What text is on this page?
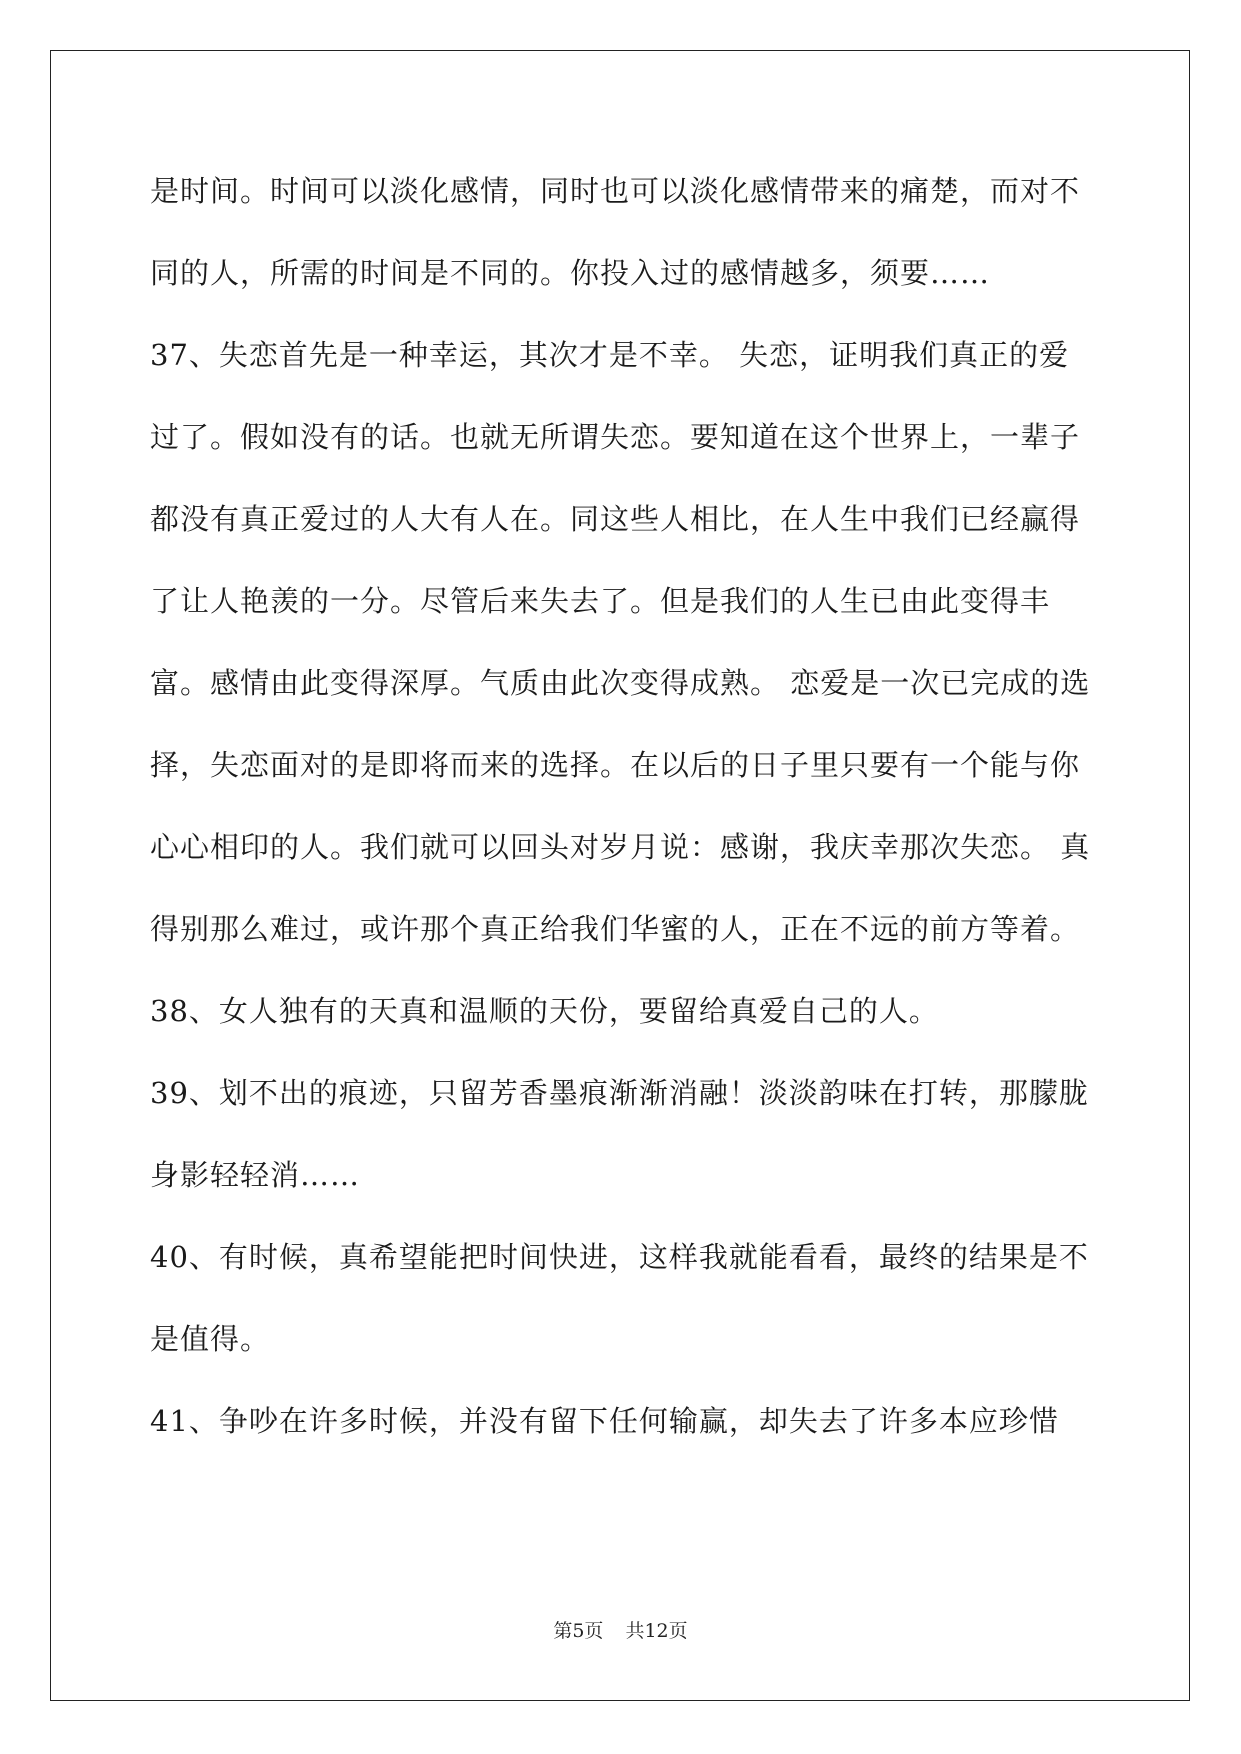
是时间。时间可以淡化感情，同时也可以淡化感情带来的痛楚，而对不同的人，所需的时间是不同的。你投入过的感情越多，须要……

37、失恋首先是一种幸运，其次才是不幸。 失恋，证明我们真正的爱过了。假如没有的话。也就无所谓失恋。要知道在这个世界上，一辈子都没有真正爱过的人大有人在。同这些人相比，在人生中我们已经赢得了让人艳羡的一分。尽管后来失去了。但是我们的人生已由此变得丰富。感情由此变得深厚。气质由此次变得成熟。 恋爱是一次已完成的选择，失恋面对的是即将而来的选择。在以后的日子里只要有一个能与你心心相印的人。我们就可以回头对岁月说：感谢，我庆幸那次失恋。 真得别那么难过，或许那个真正给我们华蜜的人，正在不远的前方等着。

38、女人独有的天真和温顺的天份，要留给真爱自己的人。

39、划不出的痕迹，只留芳香墨痕渐渐消融！淡淡韵味在打转，那朦胧身影轻轻消……

40、有时候，真希望能把时间快进，这样我就能看看，最终的结果是不是值得。

41、争吵在许多时候，并没有留下任何输赢，却失去了许多本应珍惜

第5页 共12页
